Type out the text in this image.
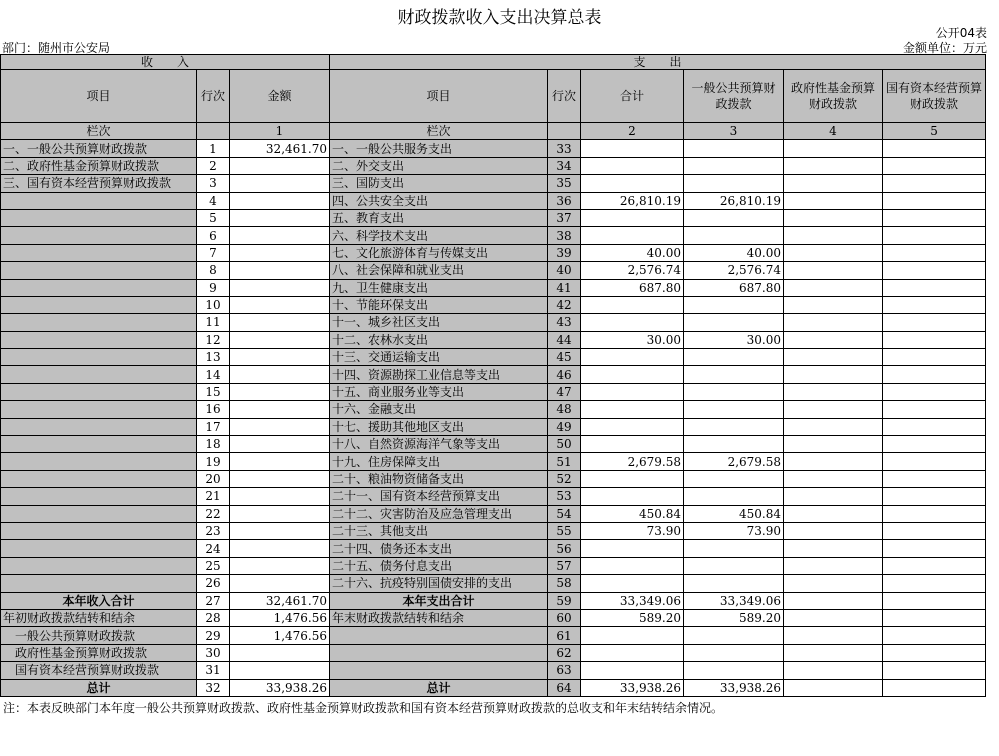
财政拨款收入支出决算总表
公开04表
部门：随州市公安局	金额单位：万元
收　　入			支　　出					
项目	行次	金额	项目	行次	合计	一般公共预算财政拨款	政府性基金预算财政拨款	国有资本经营预算财政拨款
栏次		1	栏次		2	3	4	5
一、一般公共预算财政拨款	1	32,461.70	一、一般公共服务支出	33				
二、政府性基金预算财政拨款	2		二、外交支出	34				
三、国有资本经营预算财政拨款	3		三、国防支出	35				
	4		四、公共安全支出	36	26,810.19	26,810.19		
	5		五、教育支出	37				
	6		六、科学技术支出	38				
	7		七、文化旅游体育与传媒支出	39	40.00	40.00		
	8		八、社会保障和就业支出	40	2,576.74	2,576.74		
	9		九、卫生健康支出	41	687.80	687.80		
	10		十、节能环保支出	42				
	11		十一、城乡社区支出	43				
	12		十二、农林水支出	44	30.00	30.00		
	13		十三、交通运输支出	45				
	14		十四、资源勘探工业信息等支出	46				
	15		十五、商业服务业等支出	47				
	16		十六、金融支出	48				
	17		十七、援助其他地区支出	49				
	18		十八、自然资源海洋气象等支出	50				
	19		十九、住房保障支出	51	2,679.58	2,679.58		
	20		二十、粮油物资储备支出	52				
	21		二十一、国有资本经营预算支出	53				
	22		二十二、灾害防治及应急管理支出	54	450.84	450.84		
	23		二十三、其他支出	55	73.90	73.90		
	24		二十四、债务还本支出	56				
	25		二十五、债务付息支出	57				
	26		二十六、抗疫特别国债安排的支出	58				
本年收入合计	27	32,461.70	本年支出合计	59	33,349.06	33,349.06		
年初财政拨款结转和结余	28	1,476.56	年末财政拨款结转和结余	60	589.20	589.20		
一般公共预算财政拨款	29	1,476.56		61				
政府性基金预算财政拨款	30			62				
国有资本经营预算财政拨款	31			63				
总计	32	33,938.26	总计	64	33,938.26	33,938.26		
注：本表反映部门本年度一般公共预算财政拨款、政府性基金预算财政拨款和国有资本经营预算财政拨款的总收支和年末结转结余情况。
